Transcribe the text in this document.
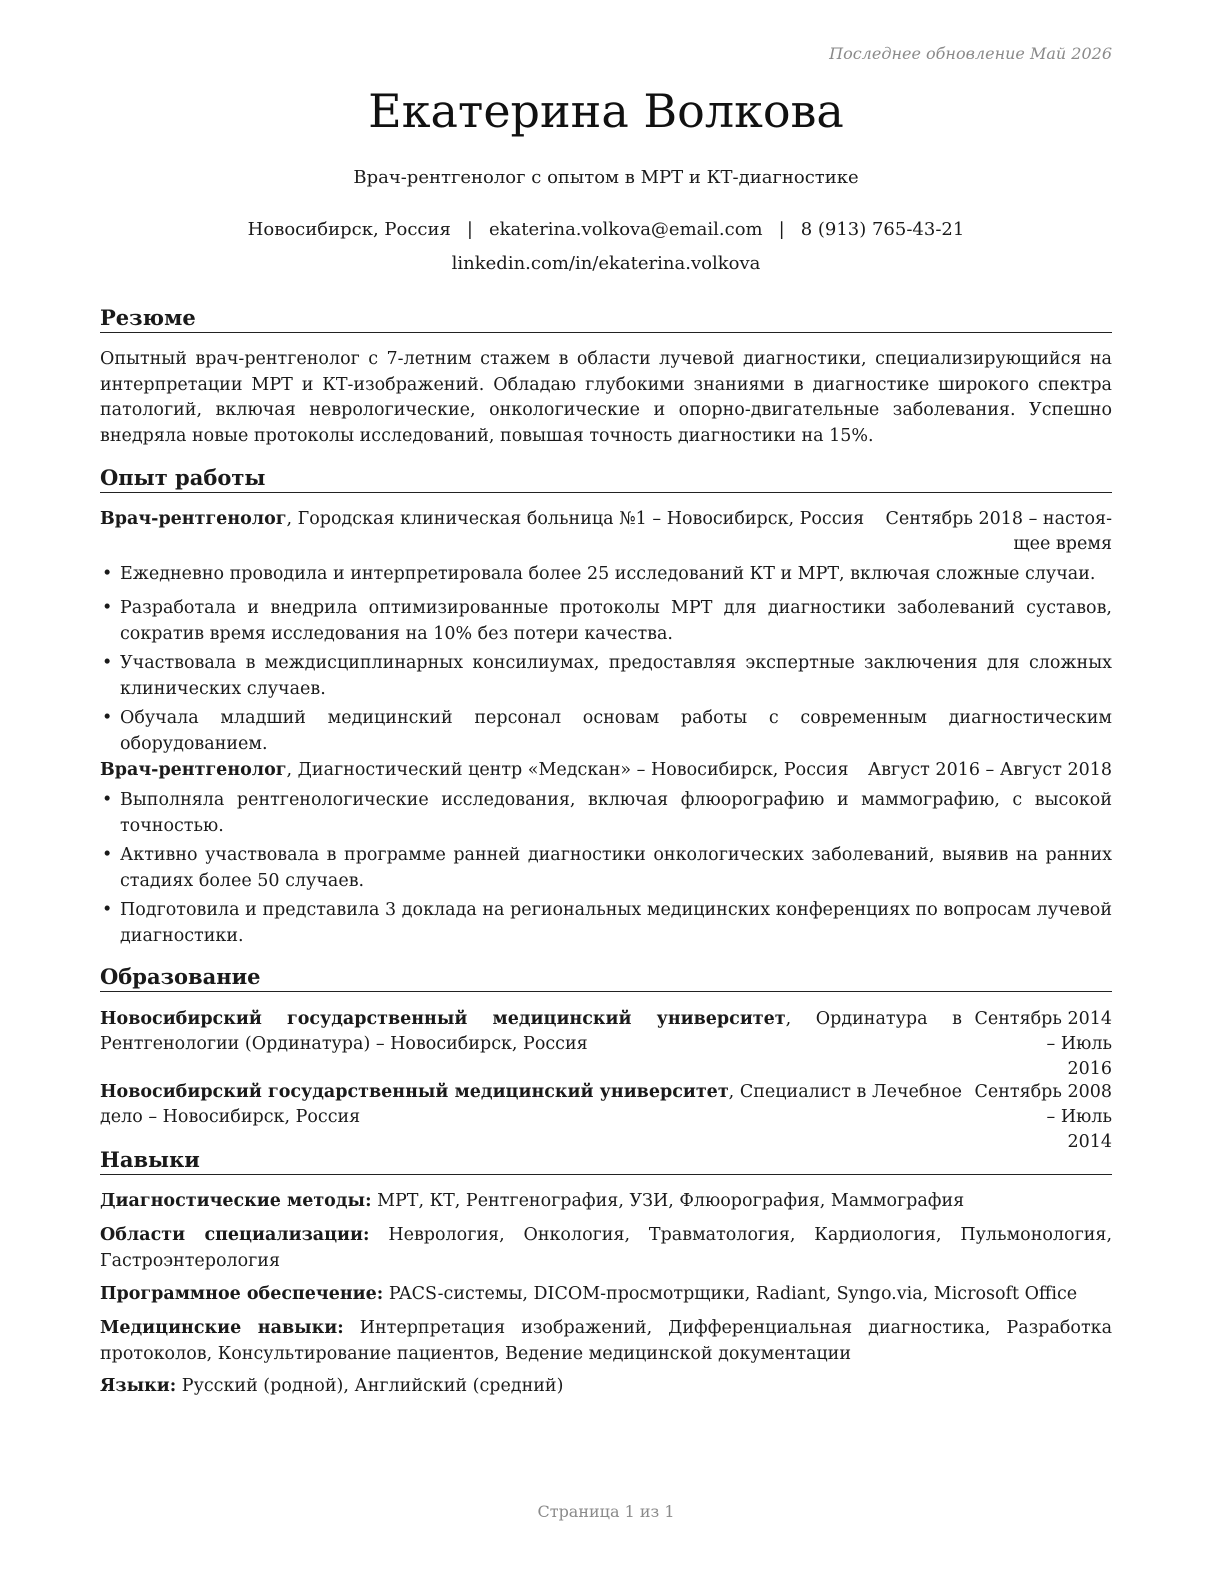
Последнее обновление Май 2026
Екатерина Волкова
Врач-рентгенолог с опытом в МРТ и КТ-диагностике
Новосибирск, Россия | ekaterina.volkova@email.com | 8 (913) 765-43-21
linkedin.com/in/ekaterina.volkova
Резюме
Опытный врач-рентгенолог с 7-летним стажем в области лучевой диагностики, специализирующийся на интерпретации МРТ и КТ-изображений. Обладаю глубокими знаниями в диагностике широкого спектра патологий, включая неврологические, онкологические и опорно-двигательные заболевания. Успешно внедряла новые протоколы исследований, повышая точность диагностики на 15%.
Опыт работы
Врач-рентгенолог, Городская клиническая больница №1 – Новосибирск, Россия Сентябрь 2018 – настоя-
щее время
• Ежедневно проводила и интерпретировала более 25 исследований КТ и МРТ, включая сложные случаи.
• Разработала и внедрила оптимизированные протоколы МРТ для диагностики заболеваний суставов, сократив время исследования на 10% без потери качества.
• Участвовала в междисциплинарных консилиумах, предоставляя экспертные заключения для сложных клинических случаев.
• Обучала младший медицинский персонал основам работы с современным диагностическим оборудованием.
Врач-рентгенолог, Диагностический центр «Медскан» – Новосибирск, Россия Август 2016 – Август 2018
• Выполняла рентгенологические исследования, включая флюорографию и маммографию, с высокой точностью.
• Активно участвовала в программе ранней диагностики онкологических заболеваний, выявив на ранних стадиях более 50 случаев.
• Подготовила и представила 3 доклада на региональных медицинских конференциях по вопросам лучевой диагностики.
Образование
Новосибирский государственный медицинский университет, Ординатура в Рентгенологии (Ординатура) – Новосибирск, Россия
Сентябрь 2014 – Июль
2016
Новосибирский государственный медицинский университет, Специалист в Лечебное дело – Новосибирск, Россия
Сентябрь 2008 – Июль
2014
Навыки
Диагностические методы: МРТ, КТ, Рентгенография, УЗИ, Флюорография, Маммография
Области специализации: Неврология, Онкология, Травматология, Кардиология, Пульмонология, Гастроэнтерология
Программное обеспечение: PACS-системы, DICOM-просмотрщики, Radiant, Syngo.via, Microsoft Office
Медицинские навыки: Интерпретация изображений, Дифференциальная диагностика, Разработка протоколов, Консультирование пациентов, Ведение медицинской документации
Языки: Русский (родной), Английский (средний)
Страница 1 из 1
